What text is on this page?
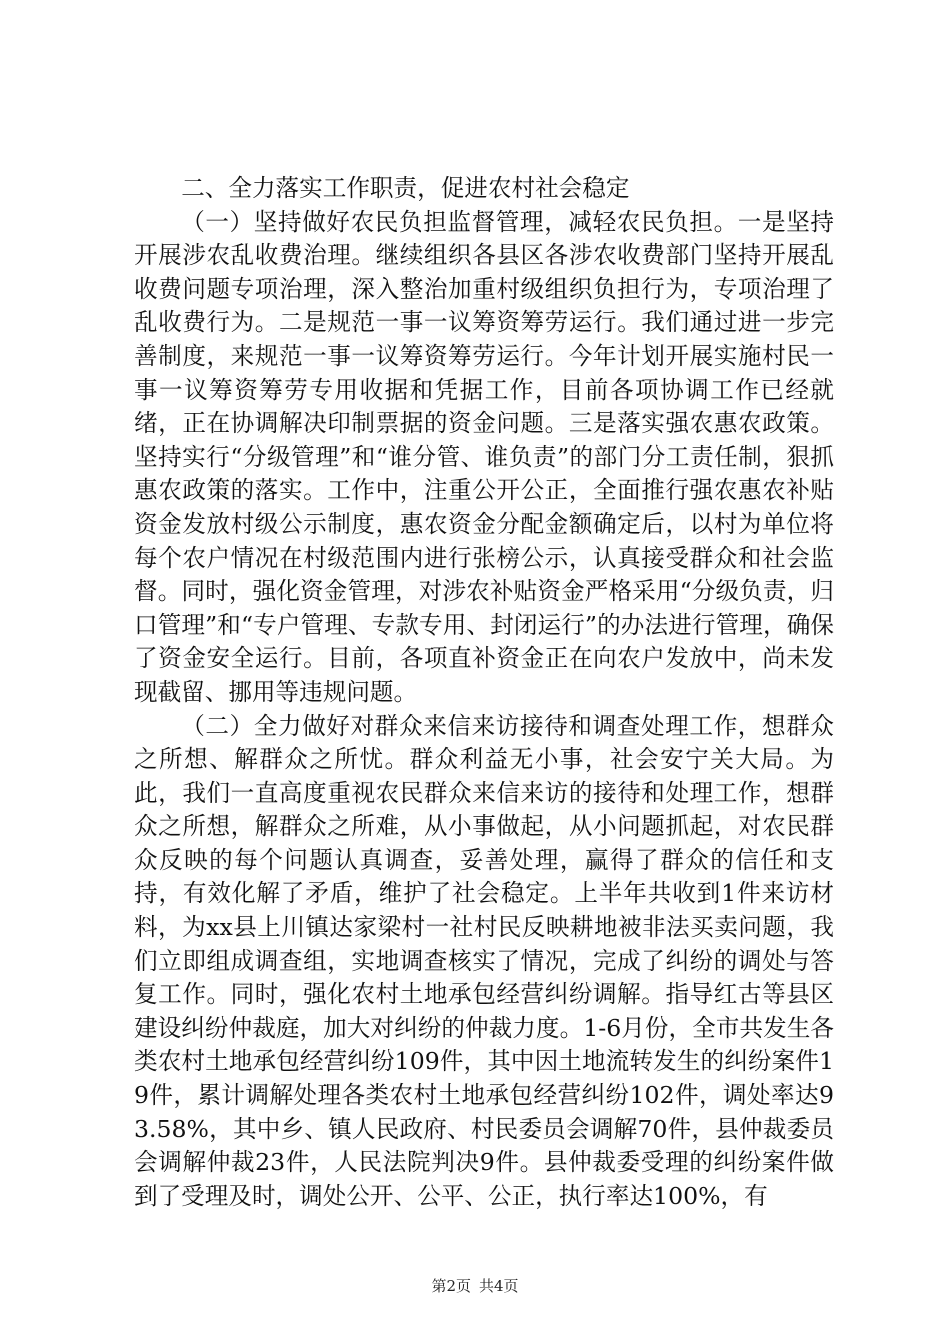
二、全力落实工作职责，促进农村社会稳定

（一）坚持做好农民负担监督管理，减轻农民负担。一是坚持开展涉农乱收费治理。继续组织各县区各涉农收费部门坚持开展乱收费问题专项治理，深入整治加重村级组织负担行为，专项治理了乱收费行为。二是规范一事一议筹资筹劳运行。我们通过进一步完善制度，来规范一事一议筹资筹劳运行。今年计划开展实施村民一事一议筹资筹劳专用收据和凭据工作，目前各项协调工作已经就绪，正在协调解决印制票据的资金问题。三是落实强农惠农政策。坚持实行“分级管理”和“谁分管、谁负责”的部门分工责任制，狠抓惠农政策的落实。工作中，注重公开公正，全面推行强农惠农补贴资金发放村级公示制度，惠农资金分配金额确定后，以村为单位将每个农户情况在村级范围内进行张榜公示，认真接受群众和社会监督。同时，强化资金管理，对涉农补贴资金严格采用“分级负责，归口管理”和“专户管理、专款专用、封闭运行”的办法进行管理，确保了资金安全运行。目前，各项直补资金正在向农户发放中，尚未发现截留、挪用等违规问题。

（二）全力做好对群众来信来访接待和调查处理工作，想群众之所想、解群众之所忧。群众利益无小事，社会安宁关大局。为此，我们一直高度重视农民群众来信来访的接待和处理工作，想群众之所想，解群众之所难，从小事做起，从小问题抓起，对农民群众反映的每个问题认真调查，妥善处理，赢得了群众的信任和支持，有效化解了矛盾，维护了社会稳定。上半年共收到1件来访材料，为xx县上川镇达家梁村一社村民反映耕地被非法买卖问题，我们立即组成调查组，实地调查核实了情况，完成了纠纷的调处与答复工作。同时，强化农村土地承包经营纠纷调解。指导红古等县区建设纠纷仲裁庭，加大对纠纷的仲裁力度。1-6月份，全市共发生各类农村土地承包经营纠纷109件，其中因土地流转发生的纠纷案件19件，累计调解处理各类农村土地承包经营纠纷102件，调处率达93.58%，其中乡、镇人民政府、村民委员会调解70件，县仲裁委员会调解仲裁23件，人民法院判决9件。县仲裁委受理的纠纷案件做到了受理及时，调处公开、公平、公正，执行率达100%，有

第2页 共4页
